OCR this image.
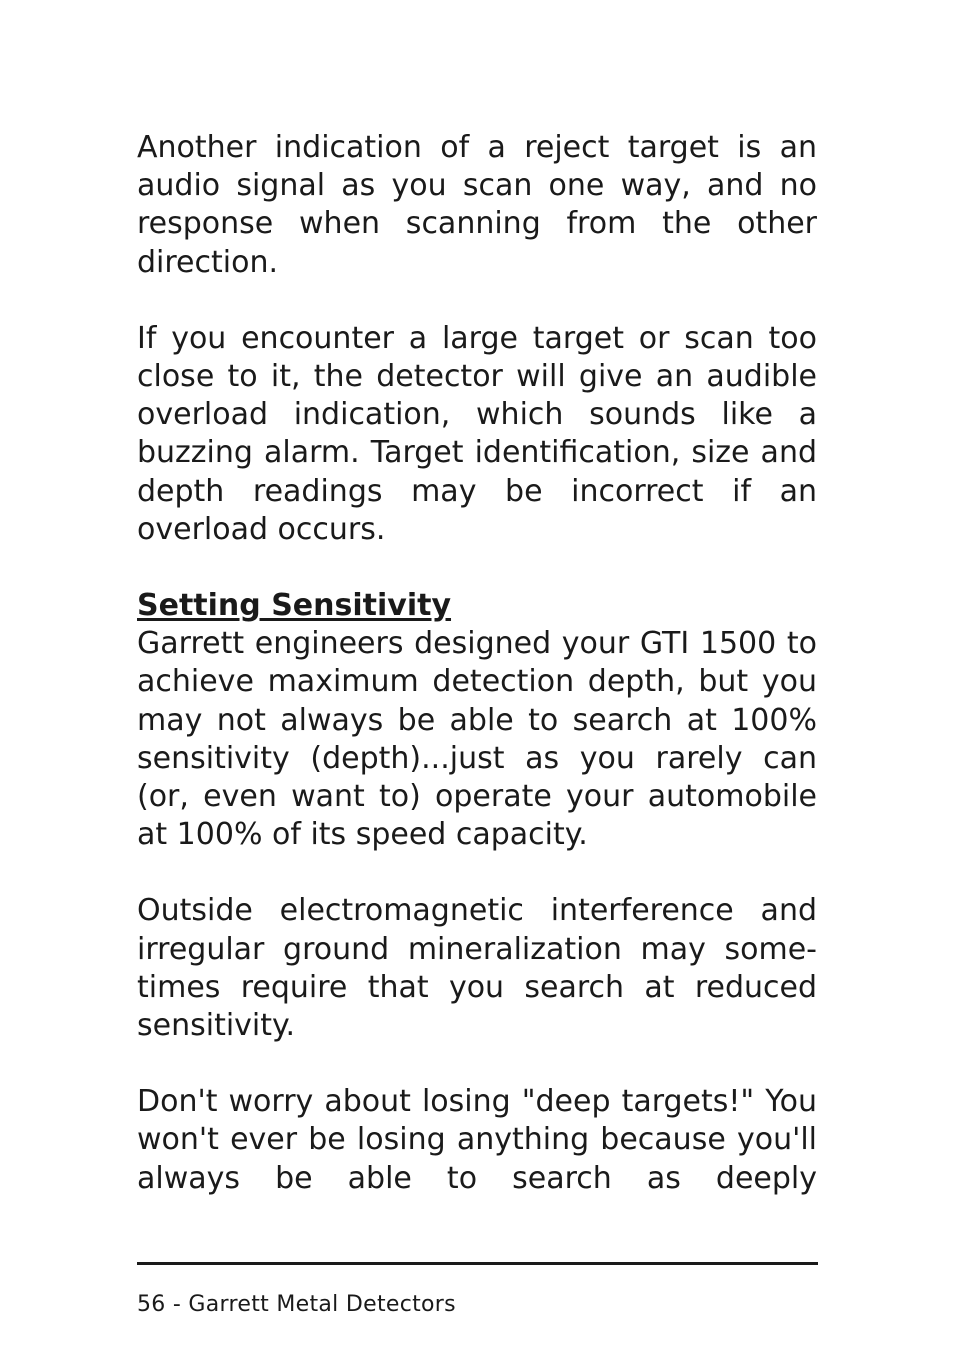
Another indication of a reject target is an audio signal as you scan one way, and no response when scanning from the other direction.

If you encounter a large target or scan too close to it, the detector will give an audible overload indication, which sounds like a buzzing alarm. Target identification, size and depth readings may be incorrect if an overload occurs.

Setting Sensitivity

Garrett engineers designed your GTI 1500 to achieve maximum detection depth, but you may not always be able to search at 100% sensitivity (depth)...just as you rarely can (or, even want to) operate your automobile at 100% of its speed capacity.

Outside electromagnetic interference and irregular ground mineralization may sometimes require that you search at reduced sensitivity.

Don't worry about losing "deep targets!" You won't ever be losing anything because you'll always be able to search as deeply

56 - Garrett Metal Detectors
